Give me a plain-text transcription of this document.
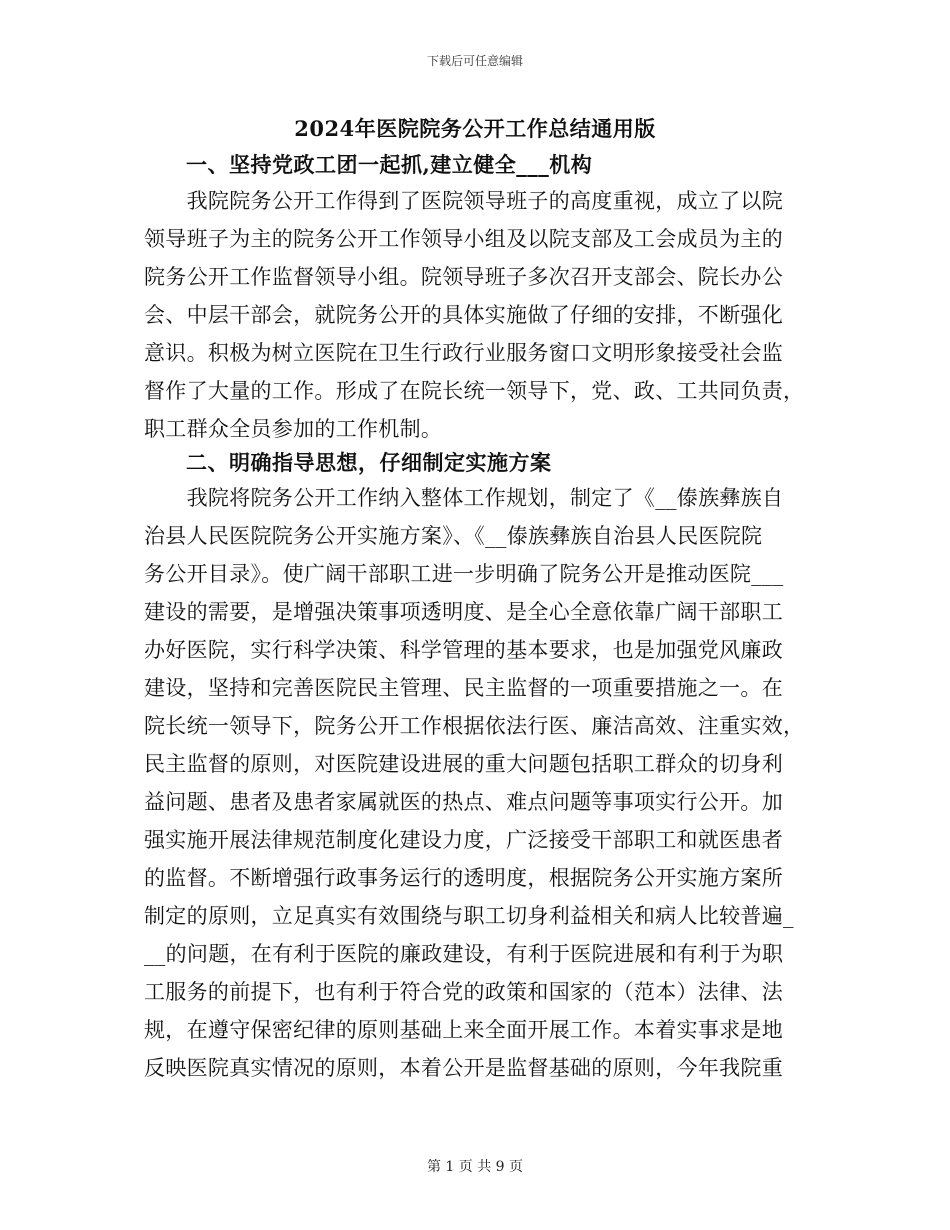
下载后可任意编辑
2024年医院院务公开工作总结通用版
一、坚持党政工团一起抓,建立健全___机构
　　我院院务公开工作得到了医院领导班子的高度重视，成立了以院
领导班子为主的院务公开工作领导小组及以院支部及工会成员为主的
院务公开工作监督领导小组。院领导班子多次召开支部会、院长办公
会、中层干部会，就院务公开的具体实施做了仔细的安排，不断强化
意识。积极为树立医院在卫生行政行业服务窗口文明形象接受社会监
督作了大量的工作。形成了在院长统一领导下，党、政、工共同负责，
职工群众全员参加的工作机制。
二、明确指导思想，仔细制定实施方案
　　我院将院务公开工作纳入整体工作规划，制定了《__傣族彝族自
治县人民医院院务公开实施方案》、《__傣族彝族自治县人民医院院
务公开目录》。使广阔干部职工进一步明确了院务公开是推动医院___
建设的需要，是增强决策事项透明度、是全心全意依靠广阔干部职工
办好医院，实行科学决策、科学管理的基本要求，也是加强党风廉政
建设，坚持和完善医院民主管理、民主监督的一项重要措施之一。在
院长统一领导下，院务公开工作根据依法行医、廉洁高效、注重实效，
民主监督的原则，对医院建设进展的重大问题包括职工群众的切身利
益问题、患者及患者家属就医的热点、难点问题等事项实行公开。加
强实施开展法律规范制度化建设力度，广泛接受干部职工和就医患者
的监督。不断增强行政事务运行的透明度，根据院务公开实施方案所
制定的原则，立足真实有效围绕与职工切身利益相关和病人比较普遍_
__的问题，在有利于医院的廉政建设，有利于医院进展和有利于为职
工服务的前提下，也有利于符合党的政策和国家的（范本）法律、法
规，在遵守保密纪律的原则基础上来全面开展工作。本着实事求是地
反映医院真实情况的原则，本着公开是监督基础的原则，今年我院重
第 1 页 共 9 页
